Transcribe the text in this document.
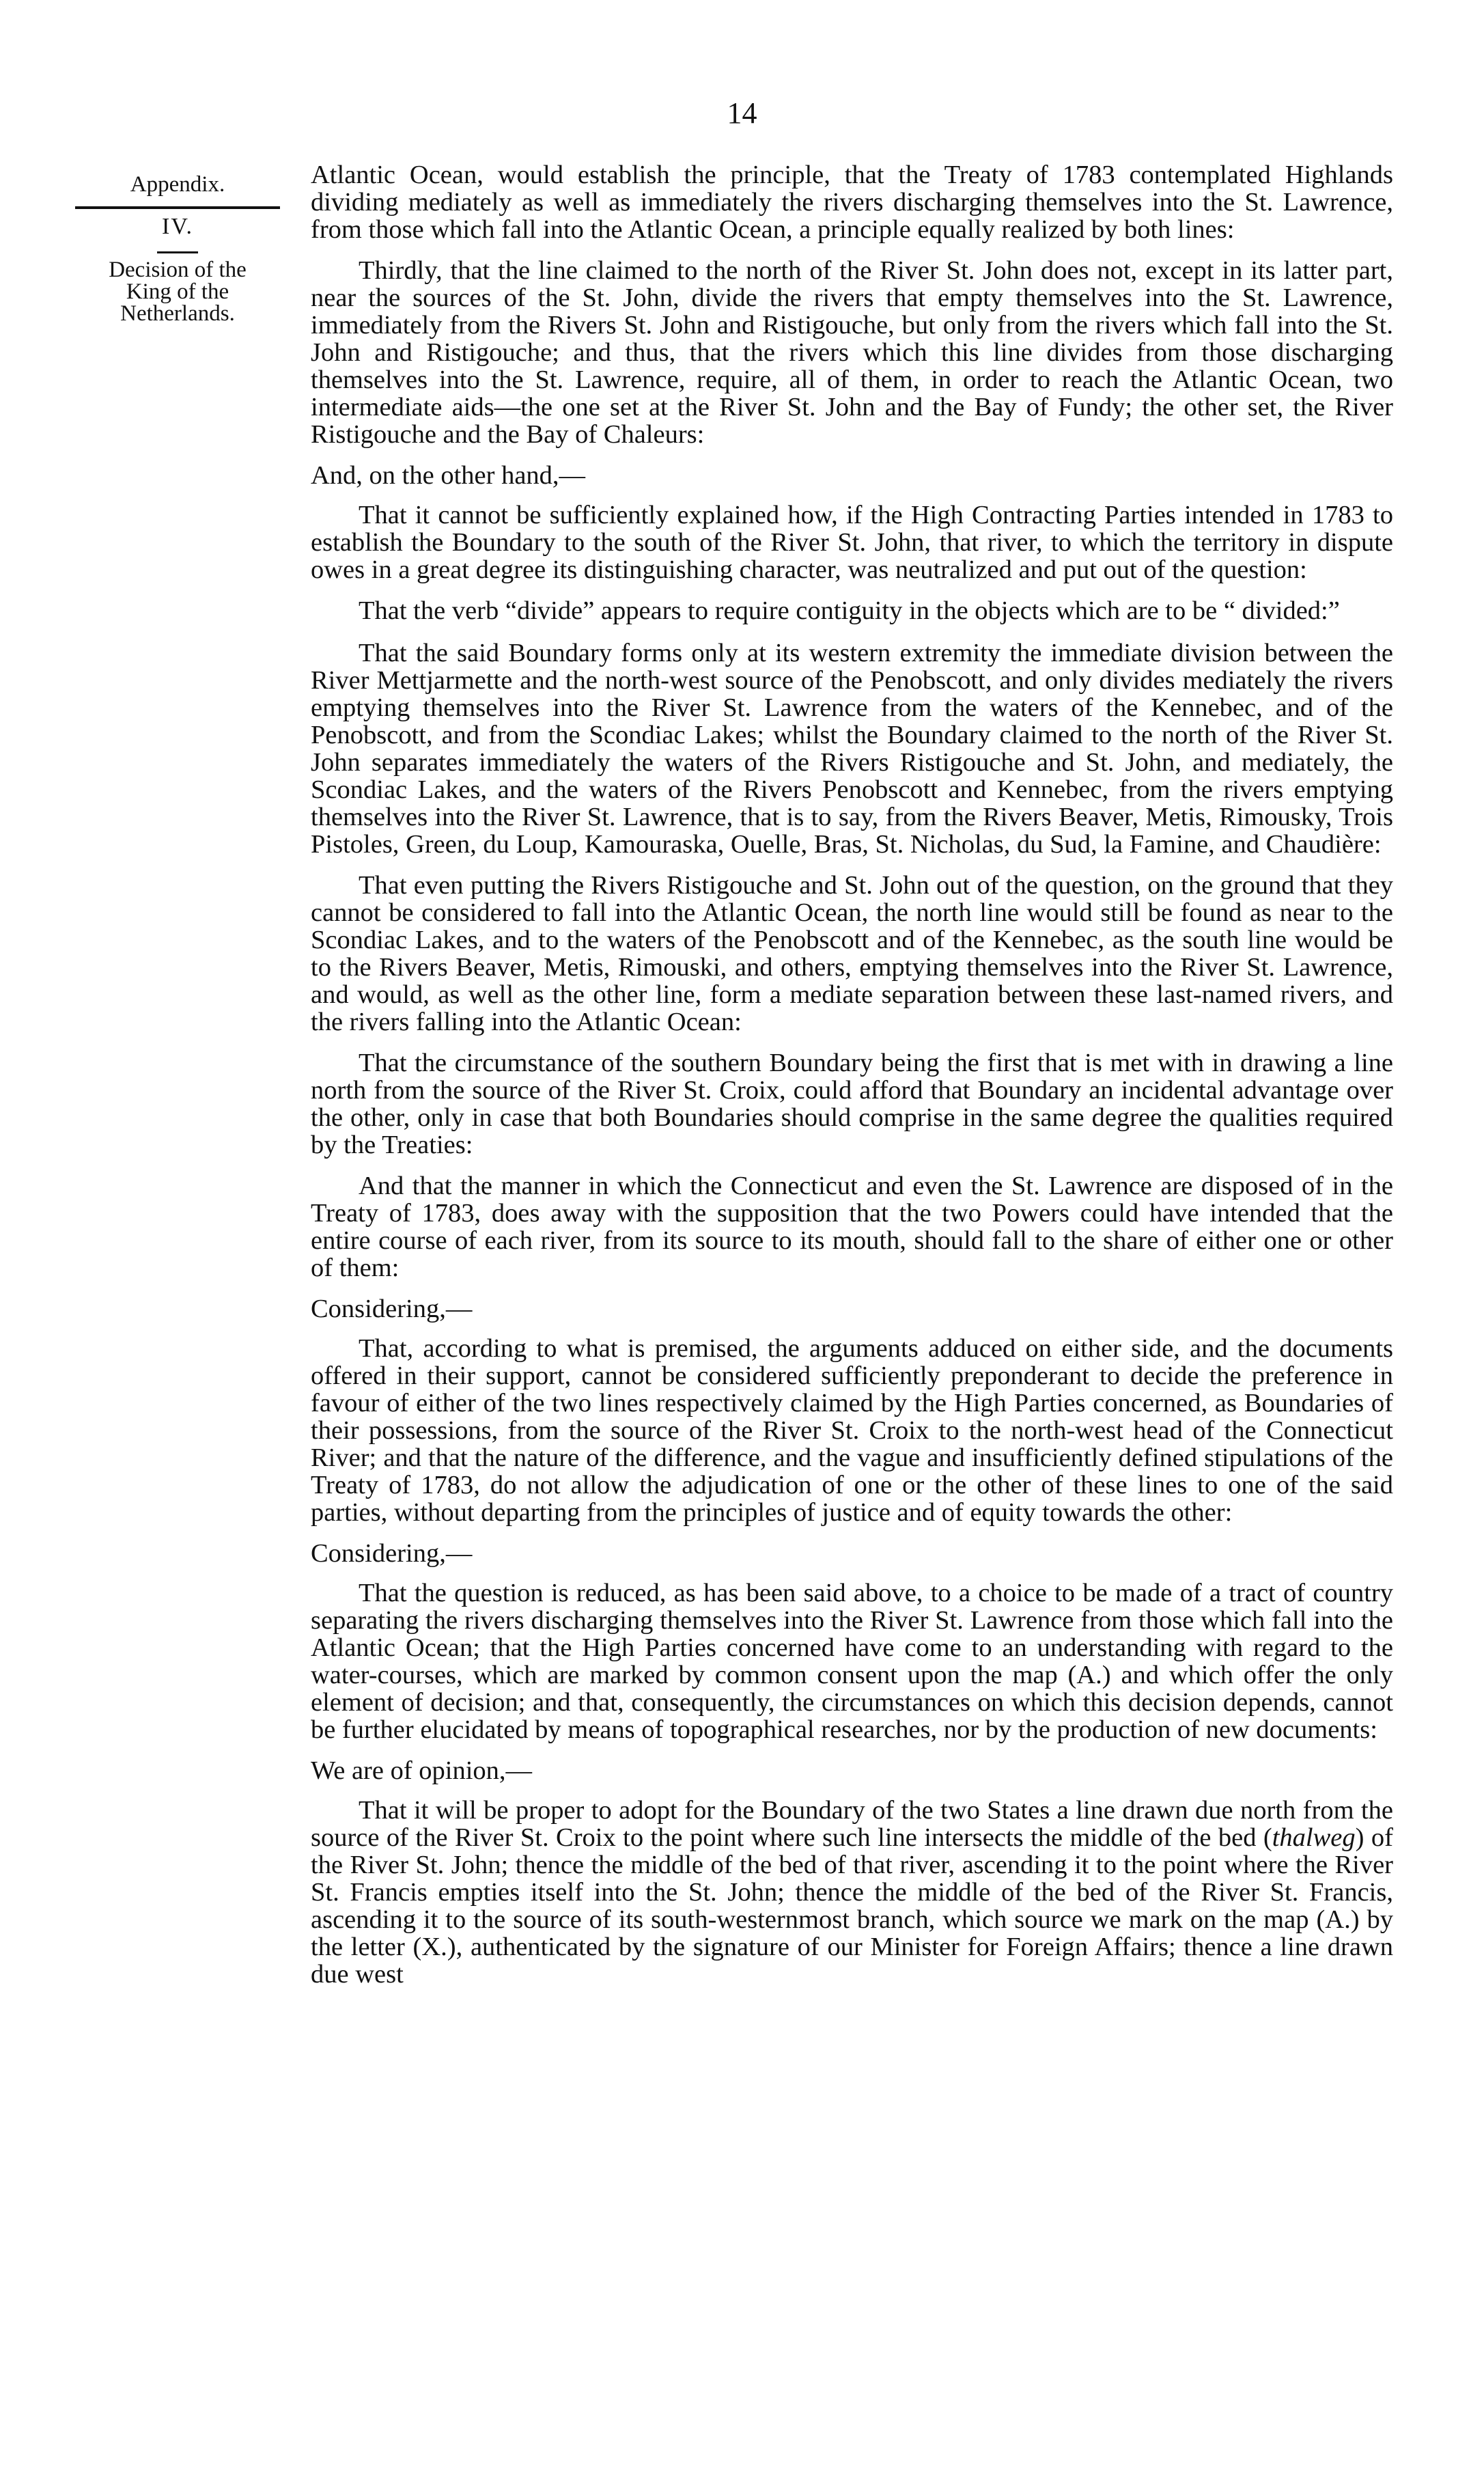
14
Appendix.
IV.
Decision of the
King of the
Netherlands.

Atlantic Ocean, would establish the principle, that the Treaty of 1783 contemplated Highlands dividing mediately as well as immediately the rivers discharging themselves into the St. Lawrence, from those which fall into the Atlantic Ocean, a principle equally realized by both lines:

Thirdly, that the line claimed to the north of the River St. John does not, except in its latter part, near the sources of the St. John, divide the rivers that empty themselves into the St. Lawrence, immediately from the Rivers St. John and Ristigouche, but only from the rivers which fall into the St. John and Ristigouche; and thus, that the rivers which this line divides from those discharging themselves into the St. Lawrence, require, all of them, in order to reach the Atlantic Ocean, two intermediate aids—the one set at the River St. John and the Bay of Fundy; the other set, the River Ristigouche and the Bay of Chaleurs:

And, on the other hand,—

That it cannot be sufficiently explained how, if the High Contracting Parties intended in 1783 to establish the Boundary to the south of the River St. John, that river, to which the territory in dispute owes in a great degree its distinguishing character, was neutralized and put out of the question:

That the verb “divide” appears to require contiguity in the objects which are to be “ divided:”

That the said Boundary forms only at its western extremity the immediate division between the River Mettjarmette and the north-west source of the Penobscott, and only divides mediately the rivers emptying themselves into the River St. Lawrence from the waters of the Kennebec, and of the Penobscott, and from the Scondiac Lakes; whilst the Boundary claimed to the north of the River St. John separates immediately the waters of the Rivers Ristigouche and St. John, and mediately, the Scondiac Lakes, and the waters of the Rivers Penobscott and Kennebec, from the rivers emptying themselves into the River St. Lawrence, that is to say, from the Rivers Beaver, Metis, Rimousky, Trois Pistoles, Green, du Loup, Kamouraska, Ouelle, Bras, St. Nicholas, du Sud, la Famine, and Chaudière:

That even putting the Rivers Ristigouche and St. John out of the question, on the ground that they cannot be considered to fall into the Atlantic Ocean, the north line would still be found as near to the Scondiac Lakes, and to the waters of the Penobscott and of the Kennebec, as the south line would be to the Rivers Beaver, Metis, Rimouski, and others, emptying themselves into the River St. Lawrence, and would, as well as the other line, form a mediate separation between these last-named rivers, and the rivers falling into the Atlantic Ocean:

That the circumstance of the southern Boundary being the first that is met with in drawing a line north from the source of the River St. Croix, could afford that Boundary an incidental advantage over the other, only in case that both Boundaries should comprise in the same degree the qualities required by the Treaties:

And that the manner in which the Connecticut and even the St. Lawrence are disposed of in the Treaty of 1783, does away with the supposition that the two Powers could have intended that the entire course of each river, from its source to its mouth, should fall to the share of either one or other of them:

Considering,—

That, according to what is premised, the arguments adduced on either side, and the documents offered in their support, cannot be considered sufficiently preponderant to decide the preference in favour of either of the two lines respectively claimed by the High Parties concerned, as Boundaries of their possessions, from the source of the River St. Croix to the north-west head of the Connecticut River; and that the nature of the difference, and the vague and insufficiently defined stipulations of the Treaty of 1783, do not allow the adjudication of one or the other of these lines to one of the said parties, without departing from the principles of justice and of equity towards the other:

Considering,—

That the question is reduced, as has been said above, to a choice to be made of a tract of country separating the rivers discharging themselves into the River St. Lawrence from those which fall into the Atlantic Ocean; that the High Parties concerned have come to an understanding with regard to the water-courses, which are marked by common consent upon the map (A.) and which offer the only element of decision; and that, consequently, the circumstances on which this decision depends, cannot be further elucidated by means of topographical researches, nor by the production of new documents:

We are of opinion,—

That it will be proper to adopt for the Boundary of the two States a line drawn due north from the source of the River St. Croix to the point where such line intersects the middle of the bed (thalweg) of the River St. John; thence the middle of the bed of that river, ascending it to the point where the River St. Francis empties itself into the St. John; thence the middle of the bed of the River St. Francis, ascending it to the source of its south-westernmost branch, which source we mark on the map (A.) by the letter (X.), authenticated by the signature of our Minister for Foreign Affairs; thence a line drawn due west
